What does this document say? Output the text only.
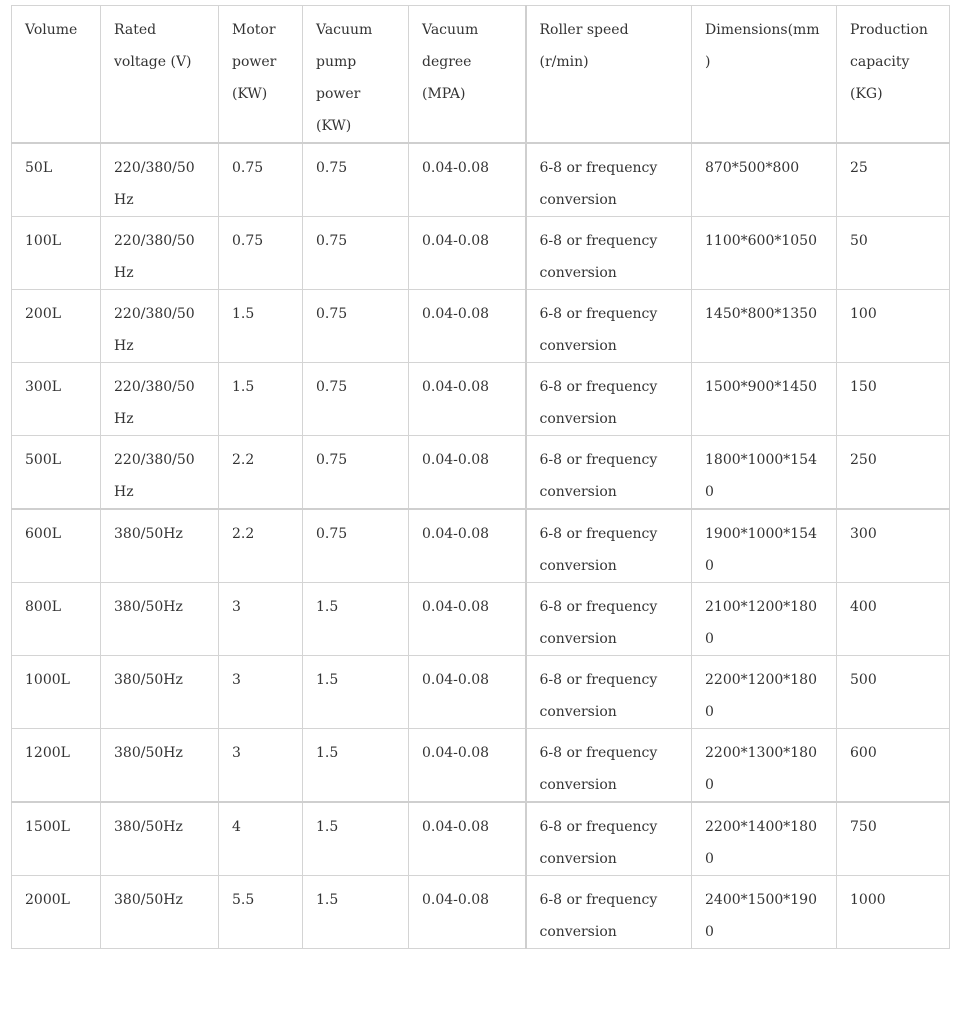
Volume	Rated voltage (V)	Motor power (KW)	Vacuum pump power (KW)	Vacuum degree (MPA)	Roller speed (r/min)	Dimensions(mm)	Production capacity (KG)
50L	220/380/50 Hz	0.75	0.75	0.04-0.08	6-8 or frequency conversion	870*500*800	25
100L	220/380/50 Hz	0.75	0.75	0.04-0.08	6-8 or frequency conversion	1100*600*1050	50
200L	220/380/50 Hz	1.5	0.75	0.04-0.08	6-8 or frequency conversion	1450*800*1350	100
300L	220/380/50 Hz	1.5	0.75	0.04-0.08	6-8 or frequency conversion	1500*900*1450	150
500L	220/380/50 Hz	2.2	0.75	0.04-0.08	6-8 or frequency conversion	1800*1000*1540	250
600L	380/50Hz	2.2	0.75	0.04-0.08	6-8 or frequency conversion	1900*1000*1540	300
800L	380/50Hz	3	1.5	0.04-0.08	6-8 or frequency conversion	2100*1200*1800	400
1000L	380/50Hz	3	1.5	0.04-0.08	6-8 or frequency conversion	2200*1200*1800	500
1200L	380/50Hz	3	1.5	0.04-0.08	6-8 or frequency conversion	2200*1300*1800	600
1500L	380/50Hz	4	1.5	0.04-0.08	6-8 or frequency conversion	2200*1400*1800	750
2000L	380/50Hz	5.5	1.5	0.04-0.08	6-8 or frequency conversion	2400*1500*1900	1000
